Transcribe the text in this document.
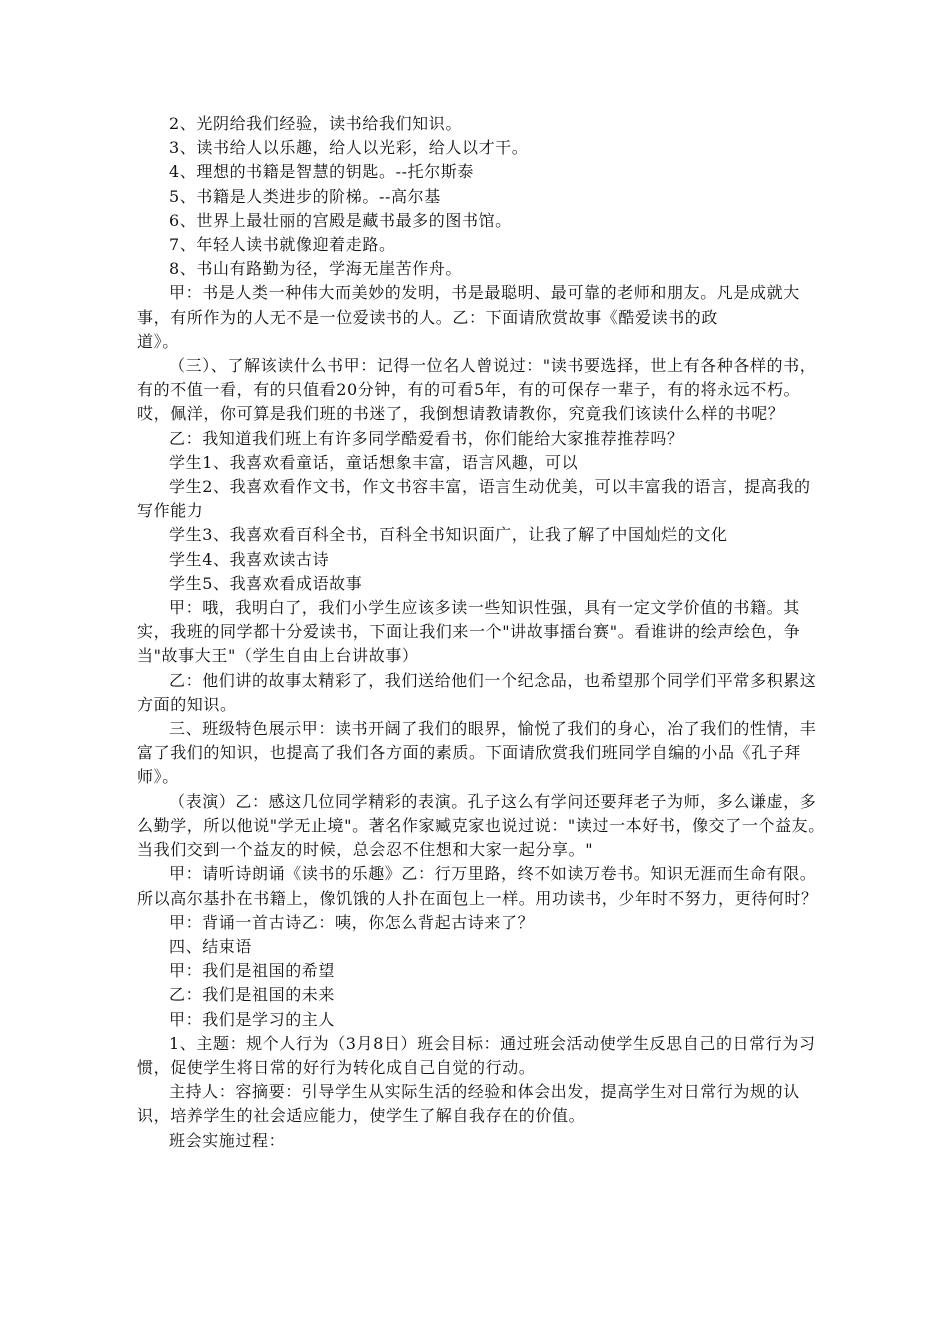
2、光阴给我们经验，读书给我们知识。

3、读书给人以乐趣，给人以光彩，给人以才干。

4、理想的书籍是智慧的钥匙。--托尔斯泰

5、书籍是人类进步的阶梯。--高尔基

6、世界上最壮丽的宫殿是藏书最多的图书馆。

7、年轻人读书就像迎着走路。

8、书山有路勤为径，学海无崖苦作舟。

甲：书是人类一种伟大而美妙的发明，书是最聪明、最可靠的老师和朋友。凡是成就大事，有所作为的人无不是一位爱读书的人。乙：下面请欣赏故事《酷爱读书的政

道》。

（三）、了解该读什么书甲：记得一位名人曾说过："读书要选择，世上有各种各样的书，有的不值一看，有的只值看20分钟，有的可看5年，有的可保存一辈子，有的将永远不朽。哎，佩洋，你可算是我们班的书迷了，我倒想请教请教你，究竟我们该读什么样的书呢？

乙：我知道我们班上有许多同学酷爱看书，你们能给大家推荐推荐吗？

学生1、我喜欢看童话，童话想象丰富，语言风趣，可以

学生2、我喜欢看作文书，作文书容丰富，语言生动优美，可以丰富我的语言，提高我的写作能力

学生3、我喜欢看百科全书，百科全书知识面广，让我了解了中国灿烂的文化

学生4、我喜欢读古诗

学生5、我喜欢看成语故事

甲：哦，我明白了，我们小学生应该多读一些知识性强，具有一定文学价值的书籍。其实，我班的同学都十分爱读书，下面让我们来一个"讲故事擂台赛"。看谁讲的绘声绘色，争当"故事大王"（学生自由上台讲故事）

乙：他们讲的故事太精彩了，我们送给他们一个纪念品，也希望那个同学们平常多积累这方面的知识。

三、班级特色展示甲：读书开阔了我们的眼界，愉悦了我们的身心，冶了我们的性情，丰富了我们的知识，也提高了我们各方面的素质。下面请欣赏我们班同学自编的小品《孔子拜师》。

（表演）乙：感这几位同学精彩的表演。孔子这么有学问还要拜老子为师，多么谦虚，多么勤学，所以他说"学无止境"。著名作家臧克家也说过说："读过一本好书，像交了一个益友。当我们交到一个益友的时候，总会忍不住想和大家一起分享。"

甲：请听诗朗诵《读书的乐趣》乙：行万里路，终不如读万卷书。知识无涯而生命有限。所以高尔基扑在书籍上，像饥饿的人扑在面包上一样。用功读书，少年时不努力，更待何时？

甲：背诵一首古诗乙：咦，你怎么背起古诗来了？

四、结束语

甲：我们是祖国的希望

乙：我们是祖国的未来

甲：我们是学习的主人

1、主题：规个人行为（3月8日）班会目标：通过班会活动使学生反思自己的日常行为习惯，促使学生将日常的好行为转化成自己自觉的行动。

主持人：容摘要：引导学生从实际生活的经验和体会出发，提高学生对日常行为规的认识，培养学生的社会适应能力，使学生了解自我存在的价值。

班会实施过程：
